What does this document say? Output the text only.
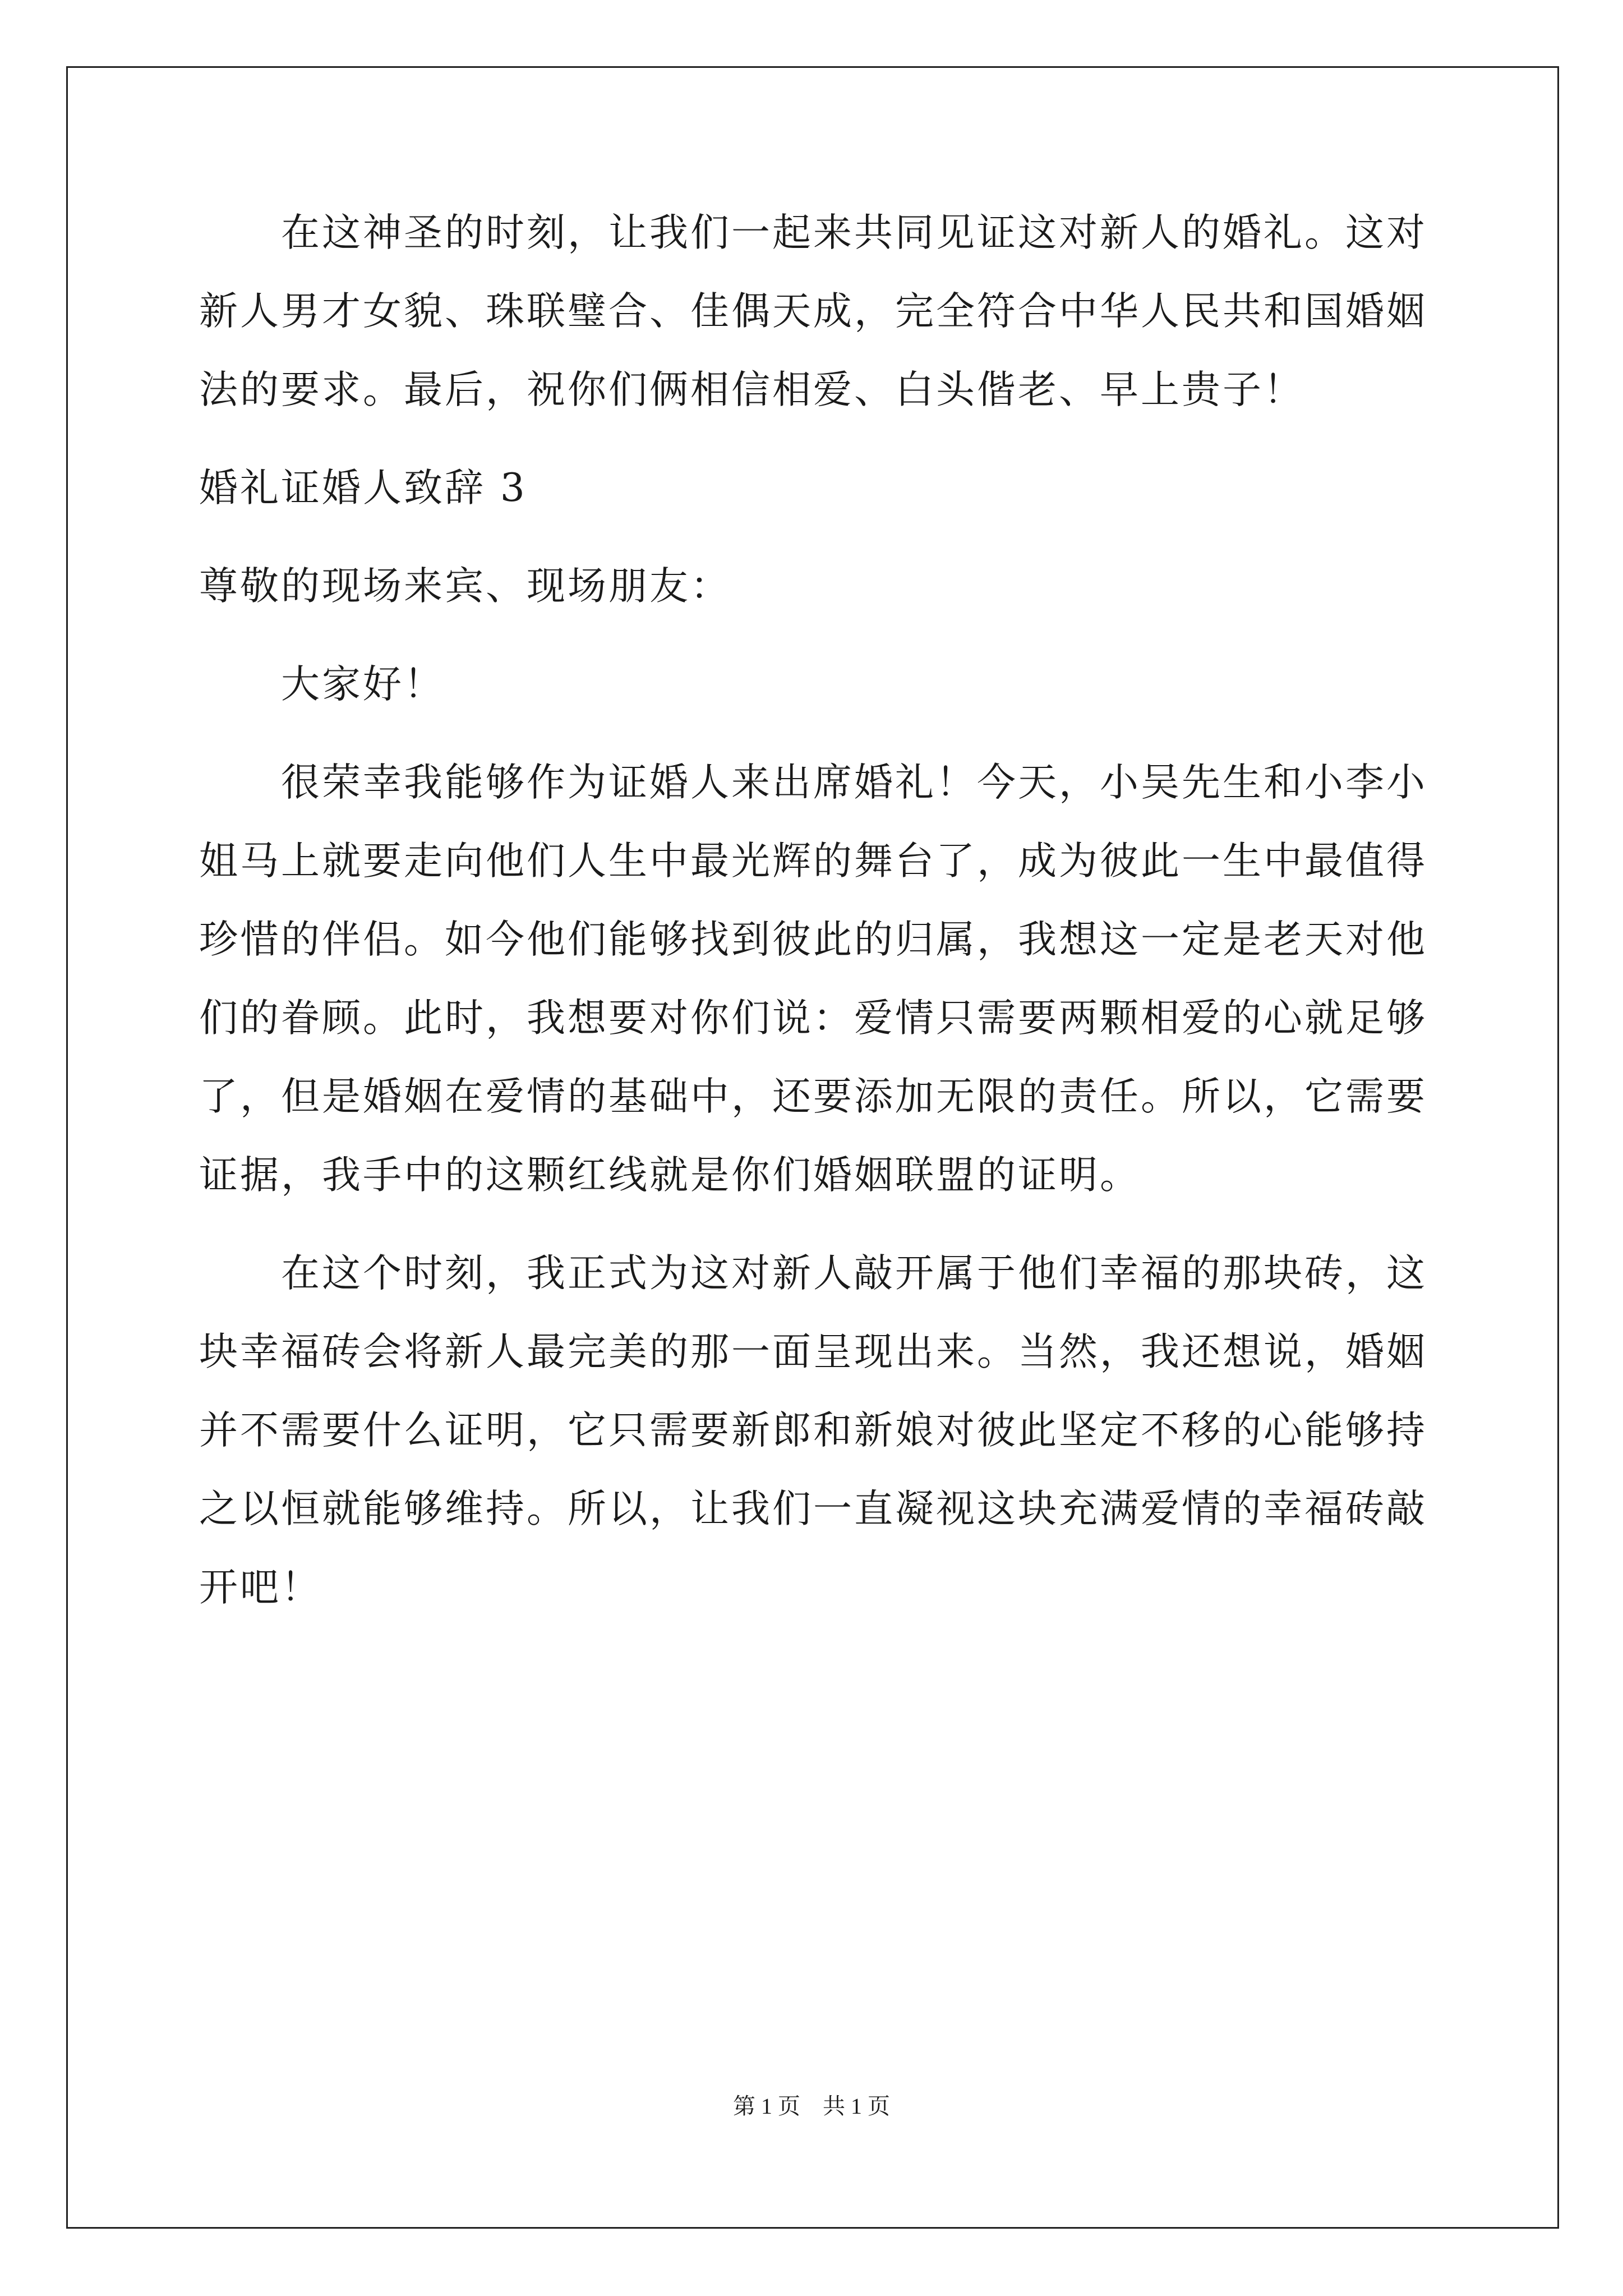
　　在这神圣的时刻，让我们一起来共同见证这对新人的婚礼。这对
新人男才女貌、珠联璧合、佳偶天成，完全符合中华人民共和国婚姻
法的要求。最后，祝你们俩相信相爱、白头偕老、早上贵子！
婚礼证婚人致辞 3
尊敬的现场来宾、现场朋友：
　　大家好！
　　很荣幸我能够作为证婚人来出席婚礼！今天，小吴先生和小李小
姐马上就要走向他们人生中最光辉的舞台了，成为彼此一生中最值得
珍惜的伴侣。如今他们能够找到彼此的归属，我想这一定是老天对他
们的眷顾。此时，我想要对你们说：爱情只需要两颗相爱的心就足够
了，但是婚姻在爱情的基础中，还要添加无限的责任。所以，它需要
证据，我手中的这颗红线就是你们婚姻联盟的证明。
　　在这个时刻，我正式为这对新人敲开属于他们幸福的那块砖，这
块幸福砖会将新人最完美的那一面呈现出来。当然，我还想说，婚姻
并不需要什么证明，它只需要新郎和新娘对彼此坚定不移的心能够持
之以恒就能够维持。所以，让我们一直凝视这块充满爱情的幸福砖敲
开吧！
第 1 页　共 1 页
